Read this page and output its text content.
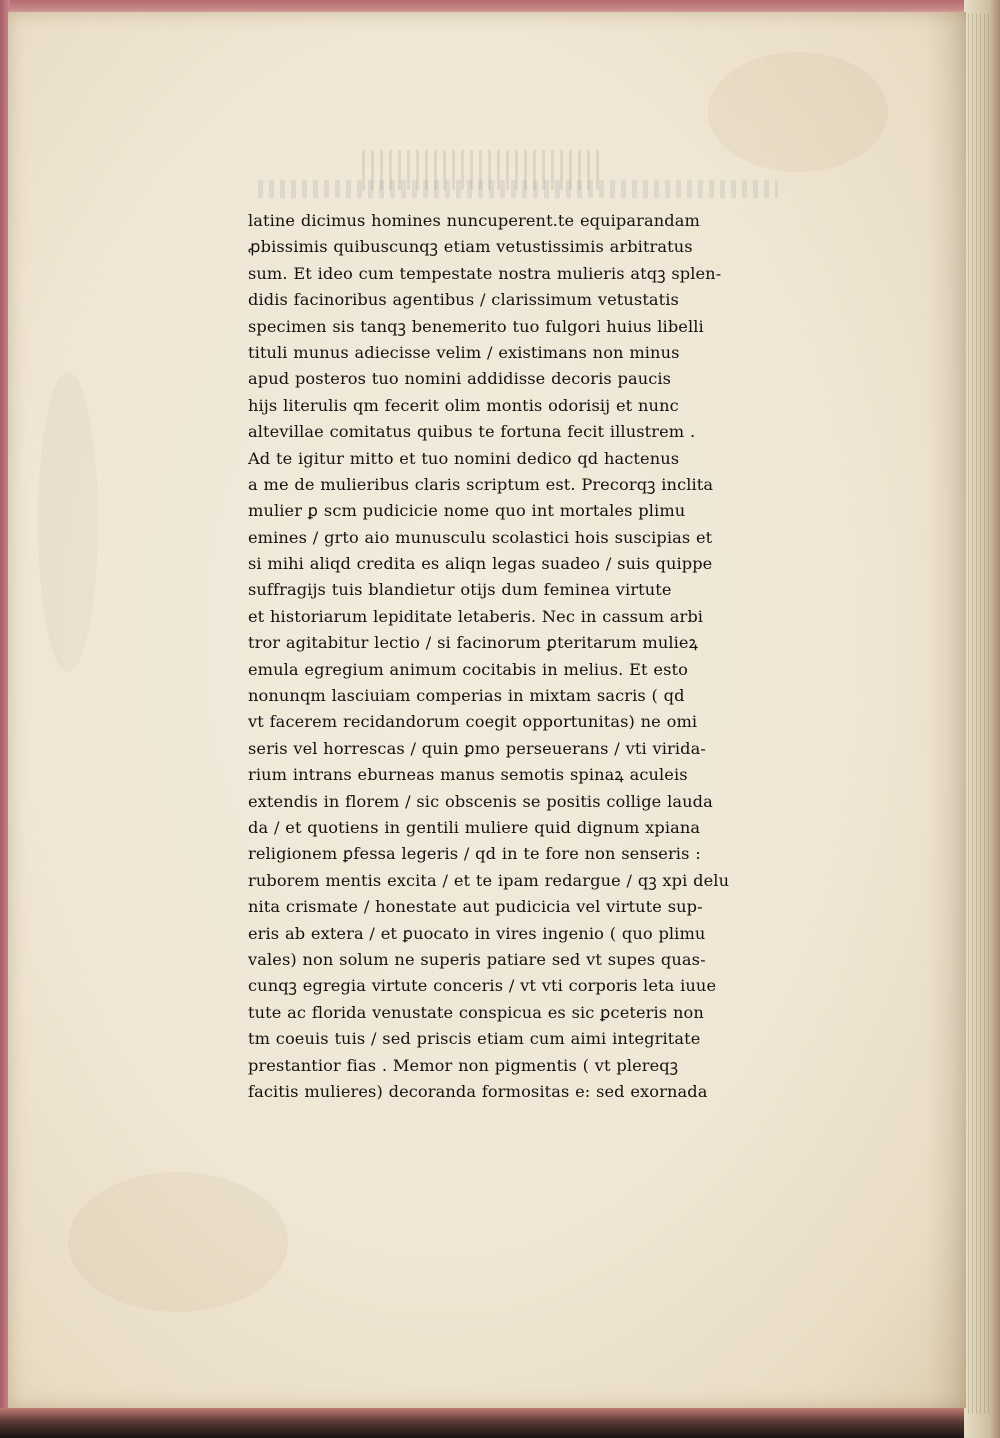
latine dicimus homines nuncuperent.te equiparandam
ꝓbissimis quibuscunqꝫ etiam vetustissimis arbitratus
sum. Et ideo cum tempestate nostra mulieris atqꝫ splen-
didis facinoribus agentibus / clarissimum vetustatis
specimen sis tanqꝫ benemerito tuo fulgori huius libelli
tituli munus adiecisse velim / existimans non minus
apud posteros tuo nomini addidisse decoris paucis
hijs literulis qm fecerit olim montis odorisij et nunc
altevillae comitatus quibus te fortuna fecit illustrem .
Ad te igitur mitto et tuo nomini dedico qd hactenus
a me de mulieribus claris scriptum est. Precorqꝫ inclita
mulier ꝑ scm pudicicie nome quo int mortales plimu
emines / grto aio munusculu scolastici hois suscipias et
si mihi aliqd credita es aliqn legas suadeo / suis quippe
suffragijs tuis blandietur otijs dum feminea virtute
et historiarum lepiditate letaberis. Nec in cassum arbi
tror agitabitur lectio / si facinorum ꝑteritarum mulieꝝ
emula egregium animum cocitabis in melius. Et esto
nonunqm lasciuiam comperias in mixtam sacris ( qd
vt facerem recidandorum coegit opportunitas) ne omi
seris vel horrescas / quin ꝑmo perseuerans / vti virida-
rium intrans eburneas manus semotis spinaꝝ aculeis
extendis in florem / sic obscenis se positis collige lauda
da / et quotiens in gentili muliere quid dignum xpiana
religionem ꝑfessa legeris / qd in te fore non senseris :
ruborem mentis excita / et te ipam redargue / qꝫ xpi delu
nita crismate / honestate aut pudicicia vel virtute sup-
eris ab extera / et ꝑuocato in vires ingenio ( quo plimu
vales) non solum ne superis patiare sed vt supes quas-
cunqꝫ egregia virtute conceris / vt vti corporis leta iuue
tute ac florida venustate conspicua es sic ꝑceteris non
tm coeuis tuis / sed priscis etiam cum aimi integritate
prestantior fias . Memor non pigmentis ( vt plereqꝫ
facitis mulieres) decoranda formositas e: sed exornada
